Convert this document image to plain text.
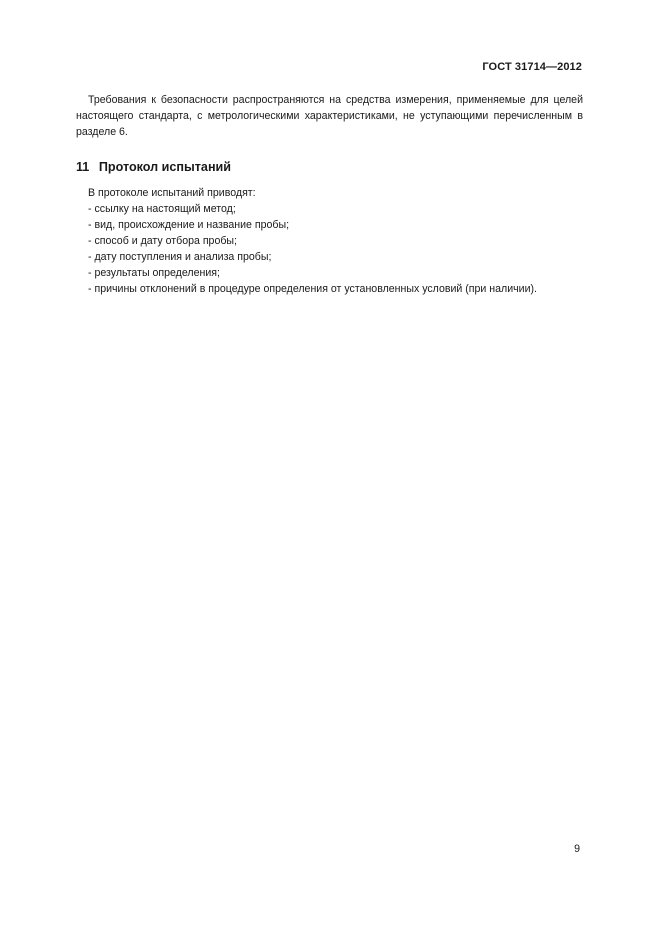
ГОСТ 31714—2012

Требования к безопасности распространяются на средства измерения, применяемые для целей настоящего стандарта, с метрологическими характеристиками, не уступающими перечисленным в разделе 6.

11 Протокол испытаний

В протоколе испытаний приводят:

- ссылку на настоящий метод;
- вид, происхождение и название пробы;
- способ и дату отбора пробы;
- дату поступления и анализа пробы;
- результаты определения;
- причины отклонений в процедуре определения от установленных условий (при наличии).
9
